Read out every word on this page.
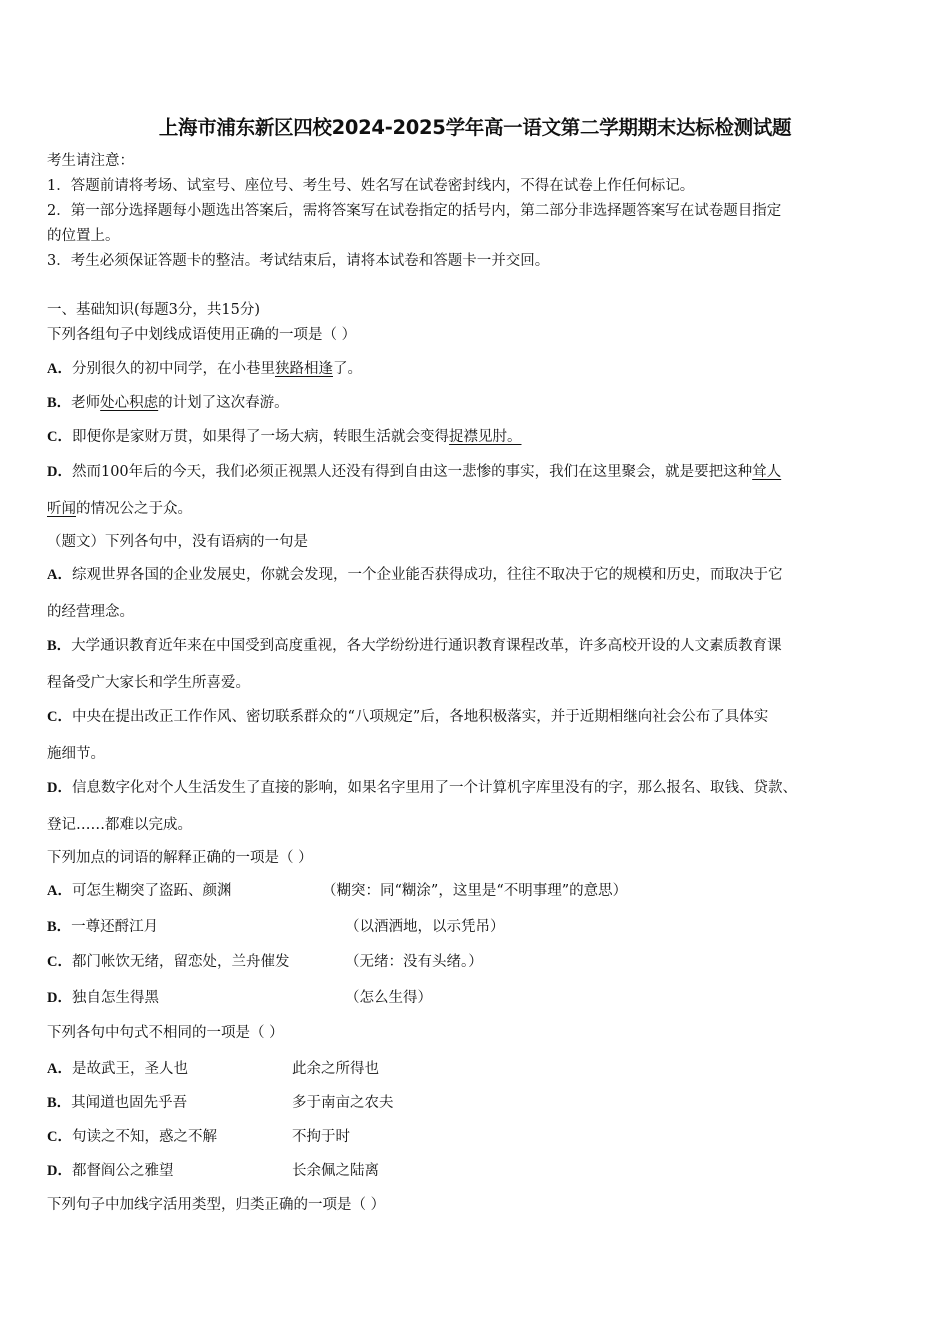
上海市浦东新区四校2024-2025学年高一语文第二学期期末达标检测试题
考生请注意：
1．答题前请将考场、试室号、座位号、考生号、姓名写在试卷密封线内，不得在试卷上作任何标记。
2．第一部分选择题每小题选出答案后，需将答案写在试卷指定的括号内，第二部分非选择题答案写在试卷题目指定
的位置上。
3．考生必须保证答题卡的整洁。考试结束后，请将本试卷和答题卡一并交回。
一、基础知识(每题3分，共15分)
下列各组句子中划线成语使用正确的一项是（ ）
A．分别很久的初中同学，在小巷里狭路相逢了。
B．老师处心积虑的计划了这次春游。
C．即便你是家财万贯，如果得了一场大病，转眼生活就会变得捉襟见肘。
D．然而100年后的今天，我们必须正视黑人还没有得到自由这一悲惨的事实，我们在这里聚会，就是要把这种耸人
听闻的情况公之于众。
（题文）下列各句中，没有语病的一句是
A．综观世界各国的企业发展史，你就会发现，一个企业能否获得成功，往往不取决于它的规模和历史，而取决于它
的经营理念。
B．大学通识教育近年来在中国受到高度重视，各大学纷纷进行通识教育课程改革，许多高校开设的人文素质教育课
程备受广大家长和学生所喜爱。
C．中央在提出改正工作作风、密切联系群众的“八项规定”后，各地积极落实，并于近期相继向社会公布了具体实
施细节。
D．信息数字化对个人生活发生了直接的影响，如果名字里用了一个计算机字库里没有的字，那么报名、取钱、贷款、
登记……都难以完成。
下列加点的词语的解释正确的一项是（ ）
A．可怎生糊突了盗跖、颜渊	（糊突：同“糊涂”，这里是“不明事理”的意思）
B．一尊还酹江月	（以酒洒地，以示凭吊）
C．都门帐饮无绪，留恋处，兰舟催发	（无绪：没有头绪。）
D．独自怎生得黑	（怎么生得）
下列各句中句式不相同的一项是（ ）
A．是故武王，圣人也	此余之所得也
B．其闻道也固先乎吾	多于南亩之农夫
C．句读之不知，惑之不解	不拘于时
D．都督阎公之雅望	长余佩之陆离
下列句子中加线字活用类型，归类正确的一项是（ ）
